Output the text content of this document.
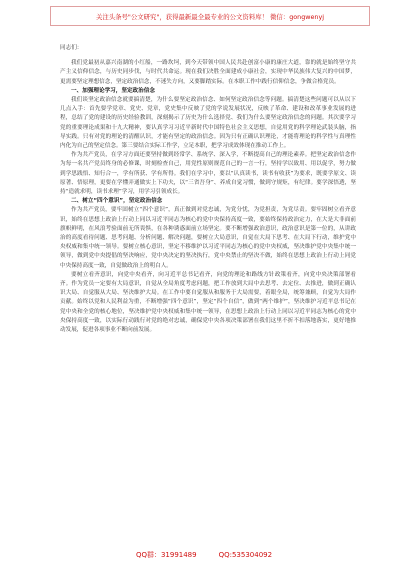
关注头条号"公文研究"，获得最新最全最专业的公文资料库！ 微信：gongwenyj

同志们：

我们党最初从嘉兴南湖的小红船，一路坎坷，到今天带领中国人民共赴创富小康的康庄大道，靠的就是始终坚守共产主义信仰信念，与历史同步伐，与时代共命运。现在我们决胜全面建成小康社会，实现中华民族伟大复兴的中国梦，更需要坚定理想信念，坚定政治信念，不迷失方向，又要脚踏实际。在本职工作中践行信仰信念，争做合格党员。

一、加强理论学习，坚定政治信念

我们谈坚定政治信念就要搞清楚，为什么要坚定政治信念、如何坚定政治信念等问题。搞清楚这些问题可以从以下几点入手：首先要学党章、党史、党章，党史集中反映了党的学说发展状况，反映了革命、建设和改革事业发展的进程，总结了党的建设的历史经验教训，深刻揭示了历史为什么选择党、我们为什么要坚定政治信念的问题。其次要学习党的重要理论成果和十九大精神，要认真学习习近平新时代中国特色社会主义思想，自觉用党的科学理论武装头脑，指导实践。只有对党的理论的清醒认识，才能有坚定的政治信念。因为只有正确认识理论，才能将理论的科学性与真理性内化为自己的坚定信念。第三要结合实际工作学，立足本职，把学习成效体现在推动工作上。

作为共产党员，在学习方面还要坚持做到经常学、系统学、深入学，不断提高自己的理论素养。把坚定政治信念作为每一名共产党员终身的必修课，时刻检查自己，用党性原则规范自己的一言一行，坚持学以致用、用以促学，努力做到学思践悟、知行合一，学有所获、学有所得。我们在学习中，要以“认真读书，读书有收获”为要求，既要学原文、读原著、悟原理，更要在学懂弄通做实上下功夫，以“三省吾身”、养成自觉习惯，做到守规矩，有纪律。要学深悟透，坚持“造就求明，读书求理”学习，用学习引领成长。

二、树立“四个意识”，坚定政治信念

作为共产党员，要牢固树立“四个意识”，真正做到对党忠诚，为党分忧，为党担责，为党尽责。要牢固树立看齐意识，始终在思想上政治上行动上同以习近平同志为核心的党中央保持高度一致，要始终保持政治定力，在大是大非面前旗帜鲜明，在风浪考验面前无所畏惧，在各种诱惑面前立场坚定。要不断增强政治意识，政治意识是第一位的，从讲政治的高度看待问题、思考问题、分析问题、解决问题，要树立大局意识，自觉在大局下思考、在大局下行动，维护党中央权威和集中统一领导。要树立核心意识，坚定不移维护以习近平同志为核心的党中央权威，坚决维护党中央集中统一领导，做到党中央提倡的坚决响应，党中央决定的坚决执行，党中央禁止的坚决不做，始终在思想上政治上行动上同党中央保持高度一致，自觉做政治上的明白人。

要树立看齐意识，向党中央看齐，向习近平总书记看齐，向党的理论和路线方针政策看齐，向党中央决策部署看齐。作为党员一定要有大局意识，自觉从全局角度考虑问题，把工作放到大局中去思考、去定位、去推进，做到正确认识大局、自觉服从大局、坚决维护大局。在工作中要自觉服从和服务于大局需要，着眼全局，统筹兼顾，自觉为大局作贡献。始终以党和人民利益为重，不断增强“四个意识”，坚定“四个自信”，做到“两个维护”，坚决维护习近平总书记在党中央和全党的核心地位，坚决维护党中央权威和集中统一领导，在思想上政治上行动上同以习近平同志为核心的党中央保持高度一致，以实际行动践行对党的绝对忠诚，确保党中央各项决策部署在我们这里不折不扣落地落实，更好地推动发展，促进各项事业不断向前发展。

QQ群：31991489	QQ:535304092
